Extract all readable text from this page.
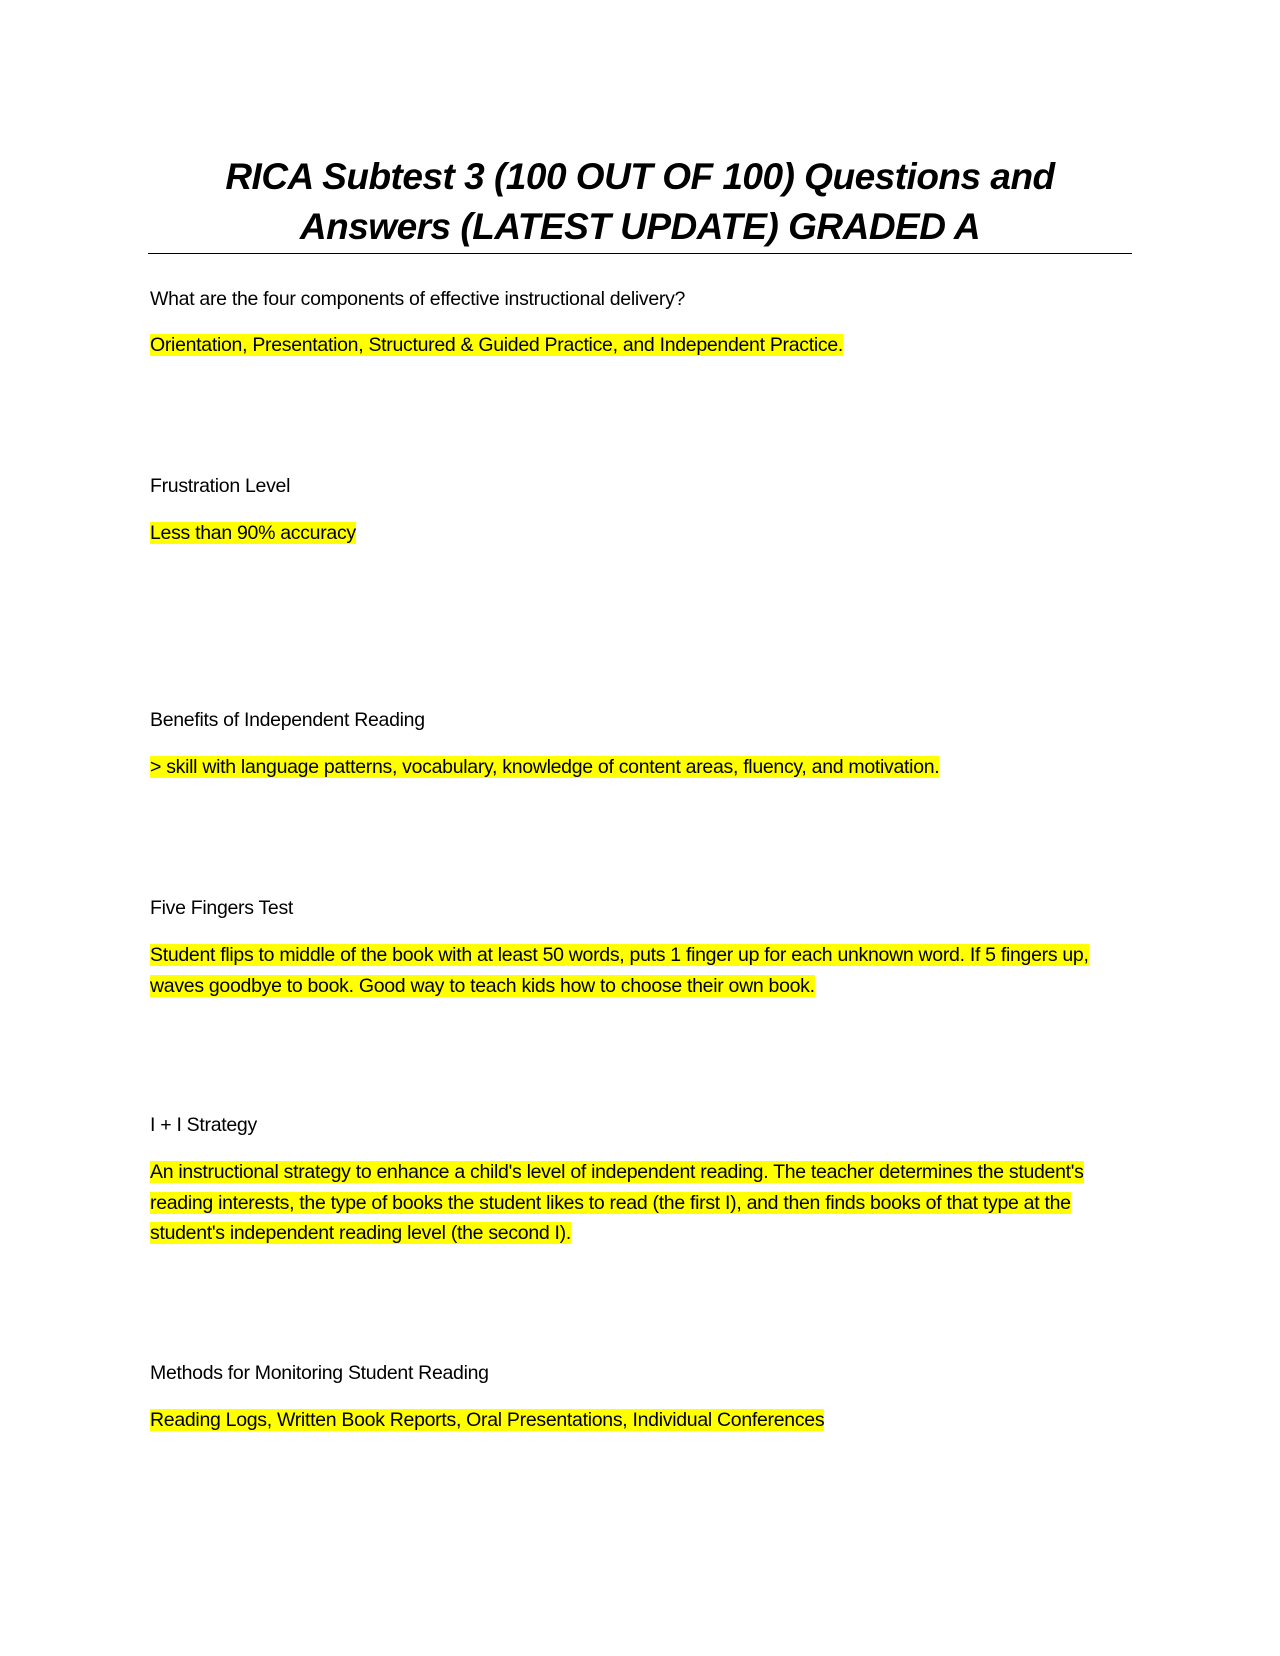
RICA Subtest 3 (100 OUT OF 100) Questions and Answers (LATEST UPDATE) GRADED A
What are the four components of effective instructional delivery?
Orientation, Presentation, Structured & Guided Practice, and Independent Practice.
Frustration Level
Less than 90% accuracy
Benefits of Independent Reading
> skill with language patterns, vocabulary, knowledge of content areas, fluency, and motivation.
Five Fingers Test
Student flips to middle of the book with at least 50 words, puts 1 finger up for each unknown word. If 5 fingers up, waves goodbye to book. Good way to teach kids how to choose their own book.
I + I Strategy
An instructional strategy to enhance a child's level of independent reading. The teacher determines the student's reading interests, the type of books the student likes to read (the first I), and then finds books of that type at the student's independent reading level (the second I).
Methods for Monitoring Student Reading
Reading Logs, Written Book Reports, Oral Presentations, Individual Conferences
